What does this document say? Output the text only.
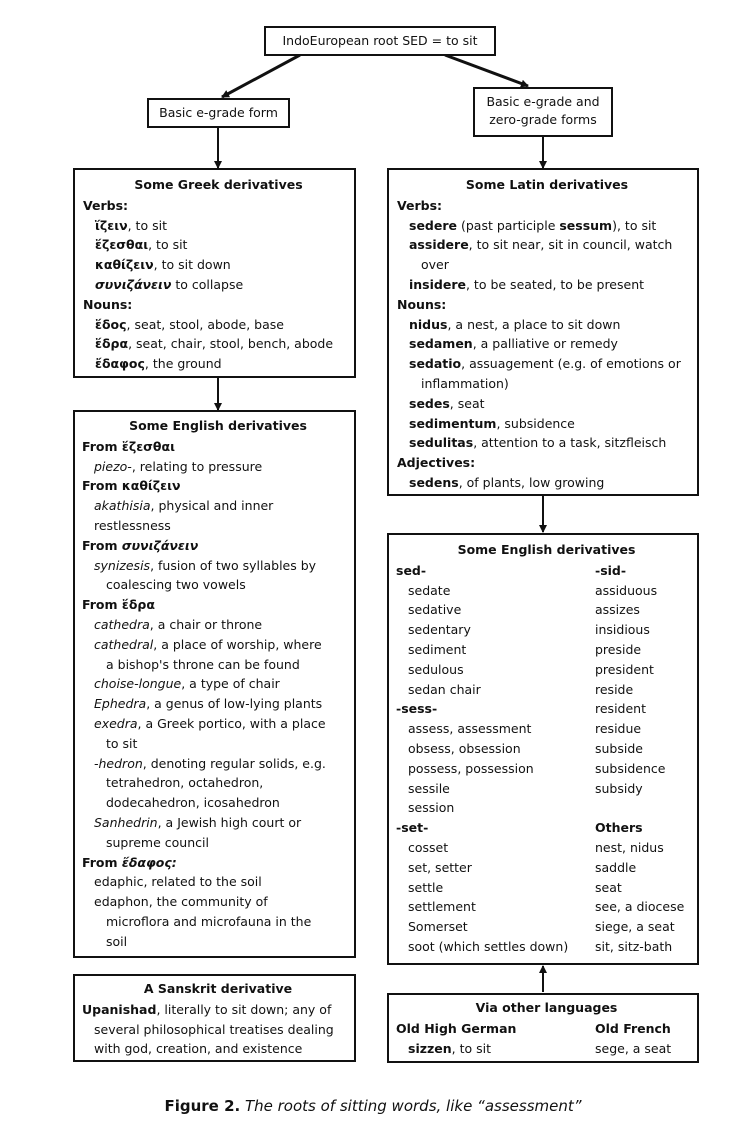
IndoEuropean root SED = to sit
Basic e-grade form
Basic e-grade and
zero-grade forms
Some Greek derivatives
Verbs:
ἵζειν, to sit
ἕζεσθαι, to sit
καθίζειν, to sit down
συνιζάνειν to collapse
Nouns:
ἕδος, seat, stool, abode, base
ἕδρα, seat, chair, stool, bench, abode
ἔδαφος, the ground
Some Latin derivatives
Verbs:
sedere (past participle sessum), to sit
assidere, to sit near, sit in council, watch
over
insidere, to be seated, to be present
Nouns:
nidus, a nest, a place to sit down
sedamen, a palliative or remedy
sedatio, assuagement (e.g. of emotions or
inflammation)
sedes, seat
sedimentum, subsidence
sedulitas, attention to a task, sitzfleisch
Adjectives:
sedens, of plants, low growing
Some English derivatives
From ἕζεσθαι
piezo-, relating to pressure
From καθίζειν
akathisia, physical and inner
restlessness
From συνιζάνειν
synizesis, fusion of two syllables by
coalescing two vowels
From ἕδρα
cathedra, a chair or throne
cathedral, a place of worship, where
a bishop's throne can be found
choise-longue, a type of chair
Ephedra, a genus of low-lying plants
exedra, a Greek portico, with a place
to sit
-hedron, denoting regular solids, e.g.
tetrahedron, octahedron,
dodecahedron, icosahedron
Sanhedrin, a Jewish high court or
supreme council
From ἔδαφος:
edaphic, related to the soil
edaphon, the community of
microflora and microfauna in the
soil
A Sanskrit derivative
Upanishad, literally to sit down; any of
several philosophical treatises dealing
with god, creation, and existence
Some English derivatives
sed-
sedate
sedative
sedentary
sediment
sedulous
sedan chair
-sess-
assess, assessment
obsess, obsession
possess, possession
sessile
session
-set-
cosset
set, setter
settle
settlement
Somerset
soot (which settles down)
-sid-
assiduous
assizes
insidious
preside
president
reside
resident
residue
subside
subsidence
subsidy

Others
nest, nidus
saddle
seat
see, a diocese
siege, a seat
sit, sitz-bath
Via other languages
Old High German
sizzen, to sit
Old French
sege, a seat
Figure 2. The roots of sitting words, like “assessment”
